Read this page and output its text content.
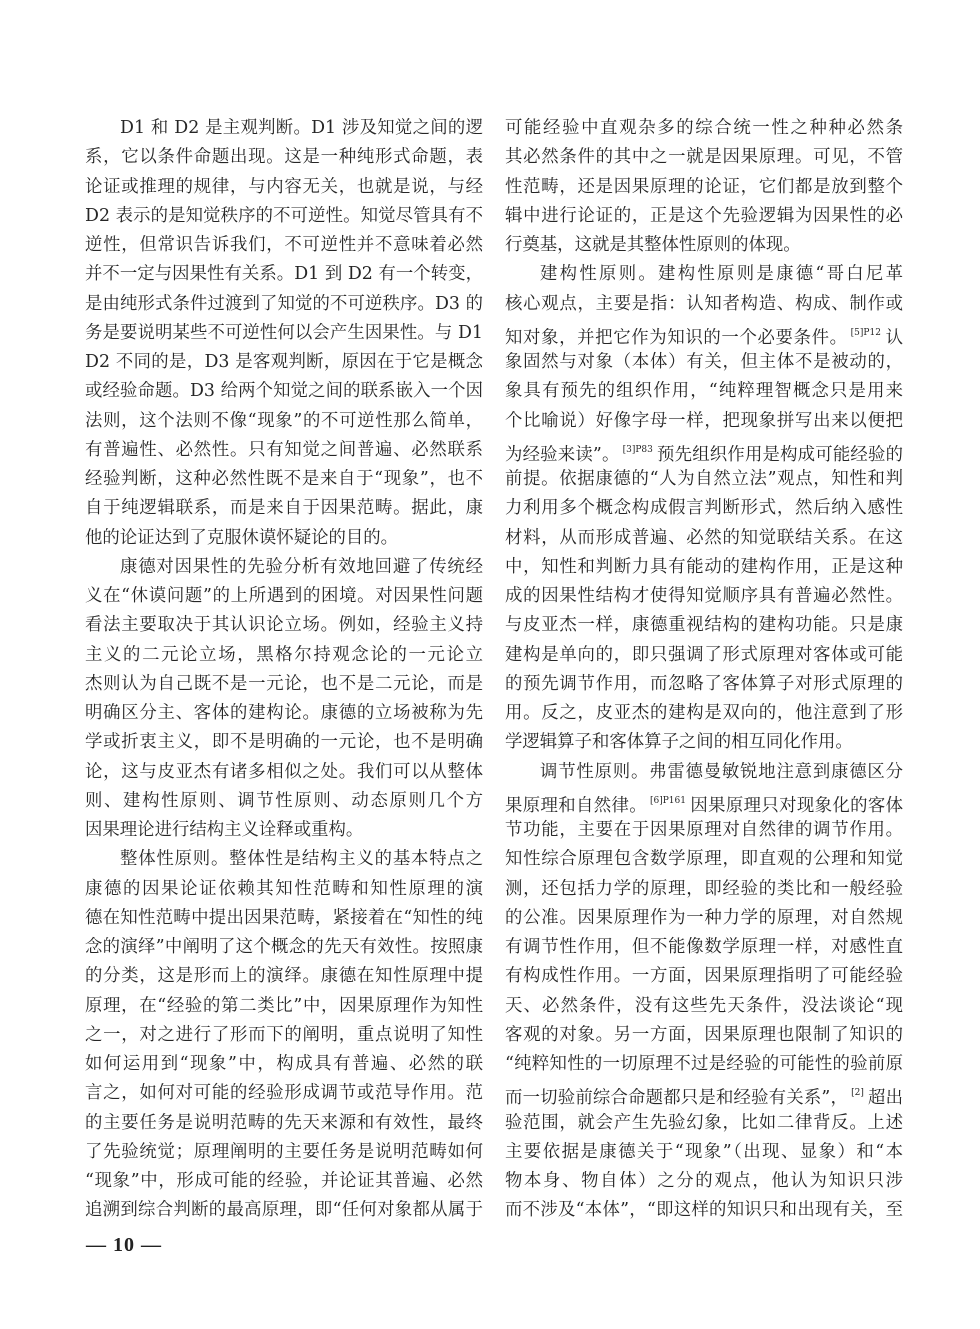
D1 和 D2 是主观判断。D1 涉及知觉之间的逻
系，它以条件命题出现。这是一种纯形式命题，表
论证或推理的规律，与内容无关，也就是说，与经
D2 表示的是知觉秩序的不可逆性。知觉尽管具有不
逆性，但常识告诉我们，不可逆性并不意味着必然
并不一定与因果性有关系。D1 到 D2 有一个转变，
是由纯形式条件过渡到了知觉的不可逆秩序。D3 的
务是要说明某些不可逆性何以会产生因果性。与 D1
D2 不同的是，D3 是客观判断，原因在于它是概念
或经验命题。D3 给两个知觉之间的联系嵌入一个因
法则，这个法则不像“现象”的不可逆性那么简单，
有普遍性、必然性。只有知觉之间普遍、必然联系
经验判断，这种必然性既不是来自于“现象”，也不
自于纯逻辑联系，而是来自于因果范畴。据此，康
他的论证达到了克服休谟怀疑论的目的。
康德对因果性的先验分析有效地回避了传统经
义在“休谟问题”的上所遇到的困境。对因果性问题
看法主要取决于其认识论立场。例如，经验主义持
主义的二元论立场，黑格尔持观念论的一元论立
杰则认为自己既不是一元论，也不是二元论，而是
明确区分主、客体的建构论。康德的立场被称为先
学或折衷主义，即不是明确的一元论，也不是明确
论，这与皮亚杰有诸多相似之处。我们可以从整体
则、建构性原则、调节性原则、动态原则几个方
因果理论进行结构主义诠释或重构。
整体性原则。整体性是结构主义的基本特点之
康德的因果论证依赖其知性范畴和知性原理的演
德在知性范畴中提出因果范畴，紧接着在“知性的纯
念的演绎”中阐明了这个概念的先天有效性。按照康
的分类，这是形而上的演绎。康德在知性原理中提
原理，在“经验的第二类比”中，因果原理作为知性
之一，对之进行了形而下的阐明，重点说明了知性
如何运用到“现象”中，构成具有普遍、必然的联
言之，如何对可能的经验形成调节或范导作用。范
的主要任务是说明范畴的先天来源和有效性，最终
了先验统觉；原理阐明的主要任务是说明范畴如何
“现象”中，形成可能的经验，并论证其普遍、必然
追溯到综合判断的最高原理，即“任何对象都从属于
可能经验中直观杂多的综合统一性之种种必然条
其必然条件的其中之一就是因果原理。可见，不管
性范畴，还是因果原理的论证，它们都是放到整个
辑中进行论证的，正是这个先验逻辑为因果性的必
行奠基，这就是其整体性原则的体现。
建构性原则。建构性原则是康德“哥白尼革
核心观点，主要是指：认知者构造、构成、制作或
知对象，并把它作为知识的一个必要条件。 $^{[5]P12}$ 认
象固然与对象（本体）有关，但主体不是被动的，
象具有预先的组织作用，“纯粹理智概念只是用来
个比喻说）好像字母一样，把现象拼写出来以便把
为经验来读”。 $^{[3]P83}$ 预先组织作用是构成可能经验的
前提。依据康德的“人为自然立法”观点，知性和判
力利用多个概念构成假言判断形式，然后纳入感性
材料，从而形成普遍、必然的知觉联结关系。在这
中，知性和判断力具有能动的建构作用，正是这种
成的因果性结构才使得知觉顺序具有普遍必然性。
与皮亚杰一样，康德重视结构的建构功能。只是康
建构是单向的，即只强调了形式原理对客体或可能
的预先调节作用，而忽略了客体算子对形式原理的
用。反之，皮亚杰的建构是双向的，他注意到了形
学逻辑算子和客体算子之间的相互同化作用。
调节性原则。弗雷德曼敏锐地注意到康德区分
果原理和自然律。 $^{[6]P161}$ 因果原理只对现象化的客体
节功能，主要在于因果原理对自然律的调节作用。
知性综合原理包含数学原理，即直观的公理和知觉
测，还包括力学的原理，即经验的类比和一般经验
的公准。因果原理作为一种力学的原理，对自然规
有调节性作用，但不能像数学原理一样，对感性直
有构成性作用。一方面，因果原理指明了可能经验
天、必然条件，没有这些先天条件，没法谈论“现
客观的对象。另一方面，因果原理也限制了知识的
“纯粹知性的一切原理不过是经验的可能性的验前原
而一切验前综合命题都只是和经验有关系”， [2] 超出
验范围，就会产生先验幻象，比如二律背反。上述
主要依据是康德关于“现象”（出现、显象）和“本
物本身、物自体）之分的观点，他认为知识只涉
而不涉及“本体”，“即这样的知识只和出现有关，至
— 10 —
